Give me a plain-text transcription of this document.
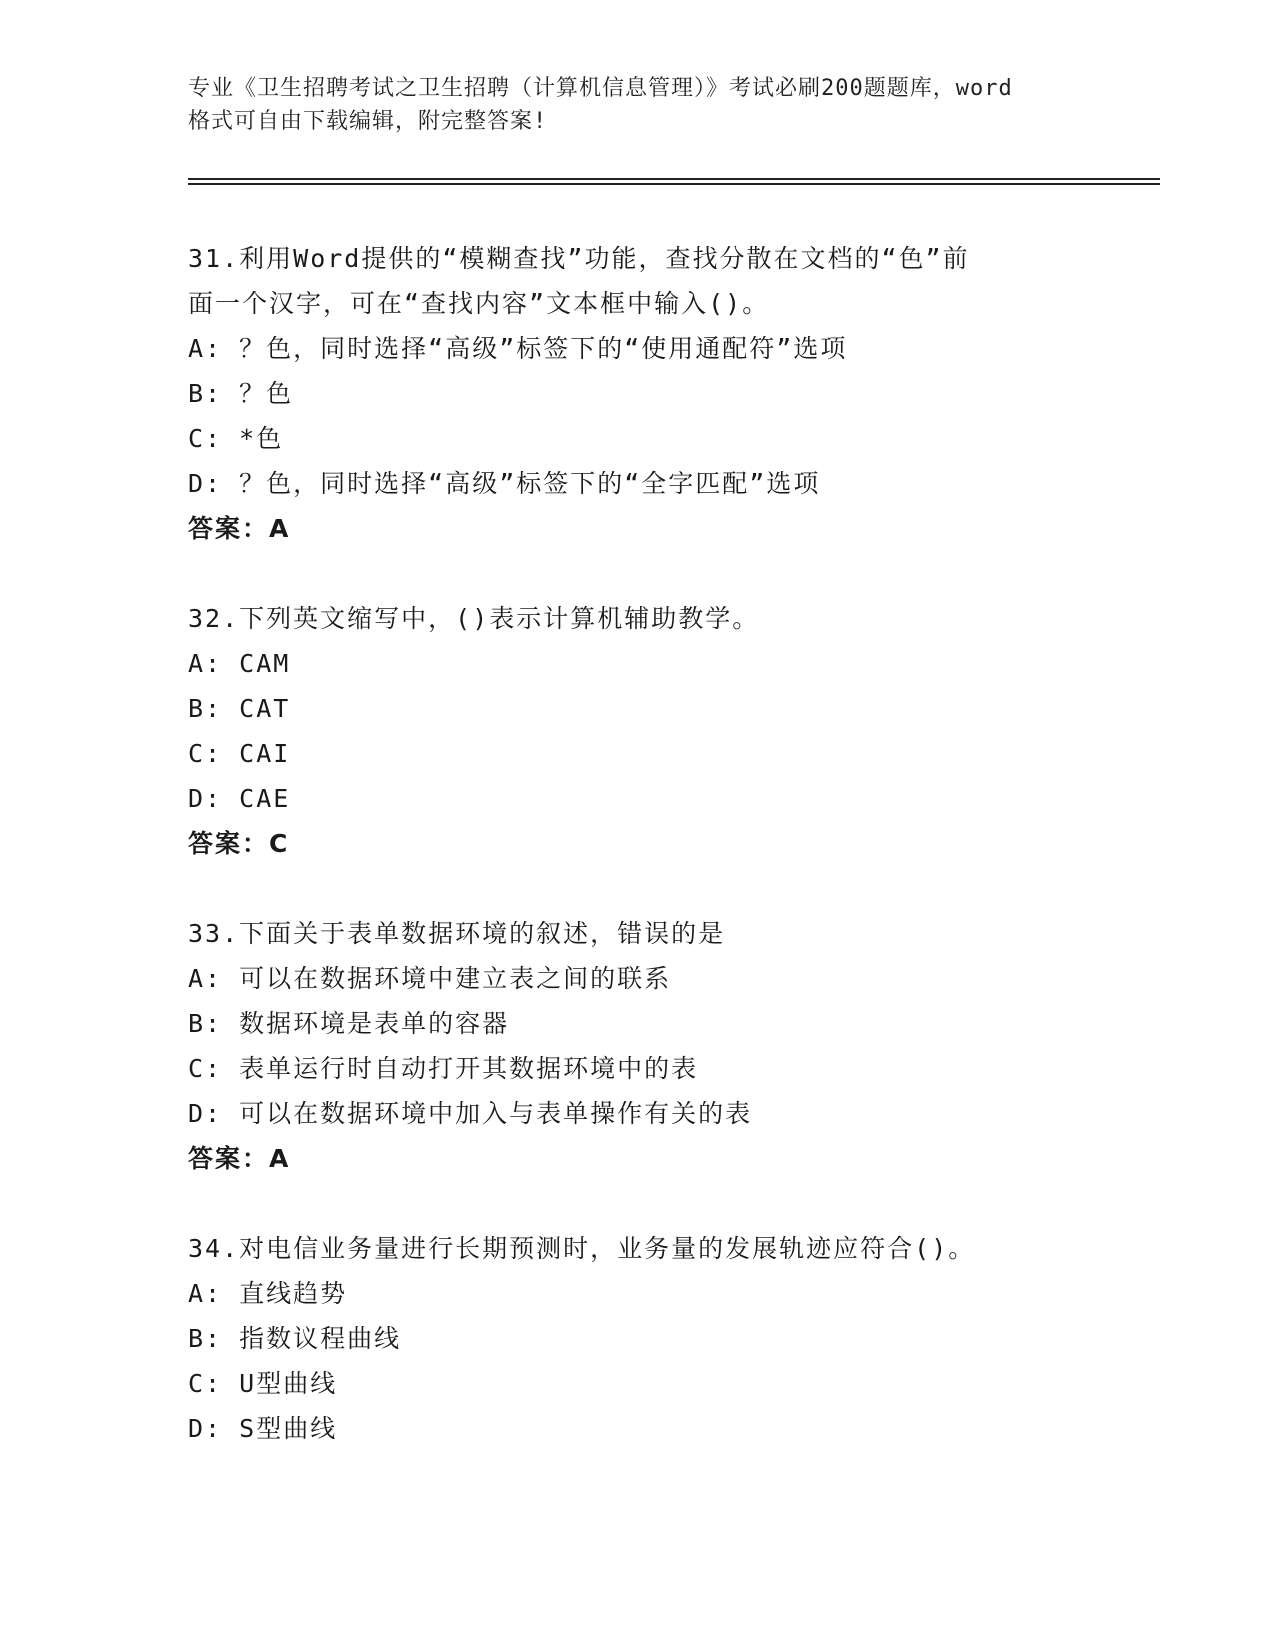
专业《卫生招聘考试之卫生招聘（计算机信息管理）》考试必刷200题题库，word
格式可自由下载编辑，附完整答案!
31.利用Word提供的“模糊查找”功能，查找分散在文档的“色”前
面一个汉字，可在“查找内容”文本框中输入()。
A: ？色，同时选择“高级”标签下的“使用通配符”选项
B: ？色
C: *色
D: ？色，同时选择“高级”标签下的“全字匹配”选项
答案：A
32.下列英文缩写中，()表示计算机辅助教学。
A: CAM
B: CAT
C: CAI
D: CAE
答案：C
33.下面关于表单数据环境的叙述，错误的是
A: 可以在数据环境中建立表之间的联系
B: 数据环境是表单的容器
C: 表单运行时自动打开其数据环境中的表
D: 可以在数据环境中加入与表单操作有关的表
答案：A
34.对电信业务量进行长期预测时，业务量的发展轨迹应符合()。
A: 直线趋势
B: 指数议程曲线
C: U型曲线
D: S型曲线
